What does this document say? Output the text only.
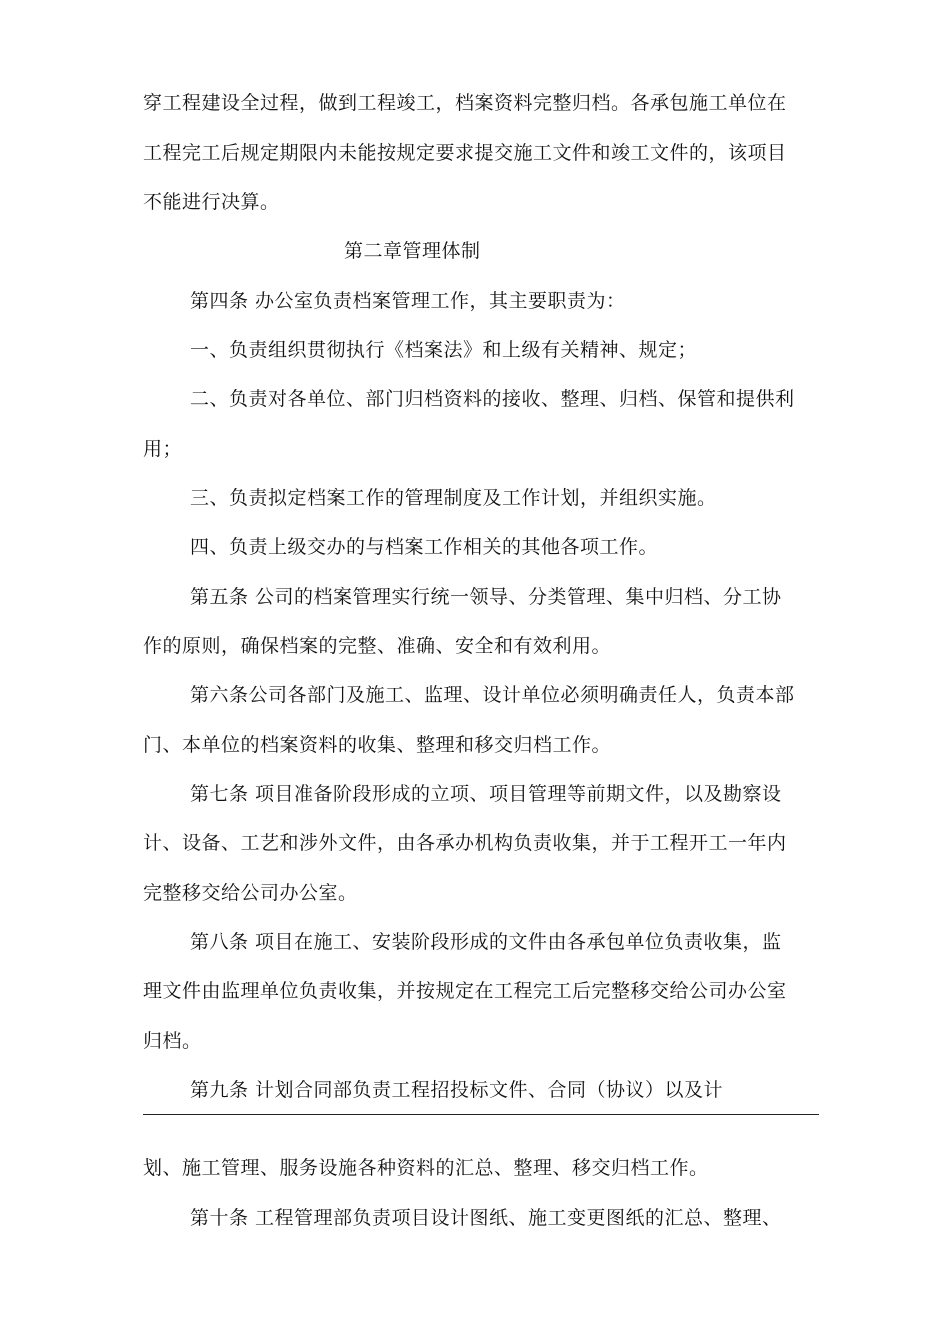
穿工程建设全过程，做到工程竣工，档案资料完整归档。各承包施工单位在
工程完工后规定期限内未能按规定要求提交施工文件和竣工文件的，该项目
不能进行决算。
第二章管理体制
第四条 办公室负责档案管理工作，其主要职责为：
一、负责组织贯彻执行《档案法》和上级有关精神、规定；
二、负责对各单位、部门归档资料的接收、整理、归档、保管和提供利
用；
三、负责拟定档案工作的管理制度及工作计划，并组织实施。
四、负责上级交办的与档案工作相关的其他各项工作。
第五条 公司的档案管理实行统一领导、分类管理、集中归档、分工协
作的原则，确保档案的完整、准确、安全和有效利用。
第六条公司各部门及施工、监理、设计单位必须明确责任人，负责本部
门、本单位的档案资料的收集、整理和移交归档工作。
第七条 项目准备阶段形成的立项、项目管理等前期文件，以及勘察设
计、设备、工艺和涉外文件，由各承办机构负责收集，并于工程开工一年内
完整移交给公司办公室。
第八条 项目在施工、安装阶段形成的文件由各承包单位负责收集，监
理文件由监理单位负责收集，并按规定在工程完工后完整移交给公司办公室
归档。
第九条 计划合同部负责工程招投标文件、合同（协议）以及计
划、施工管理、服务设施各种资料的汇总、整理、移交归档工作。
第十条 工程管理部负责项目设计图纸、施工变更图纸的汇总、整理、
